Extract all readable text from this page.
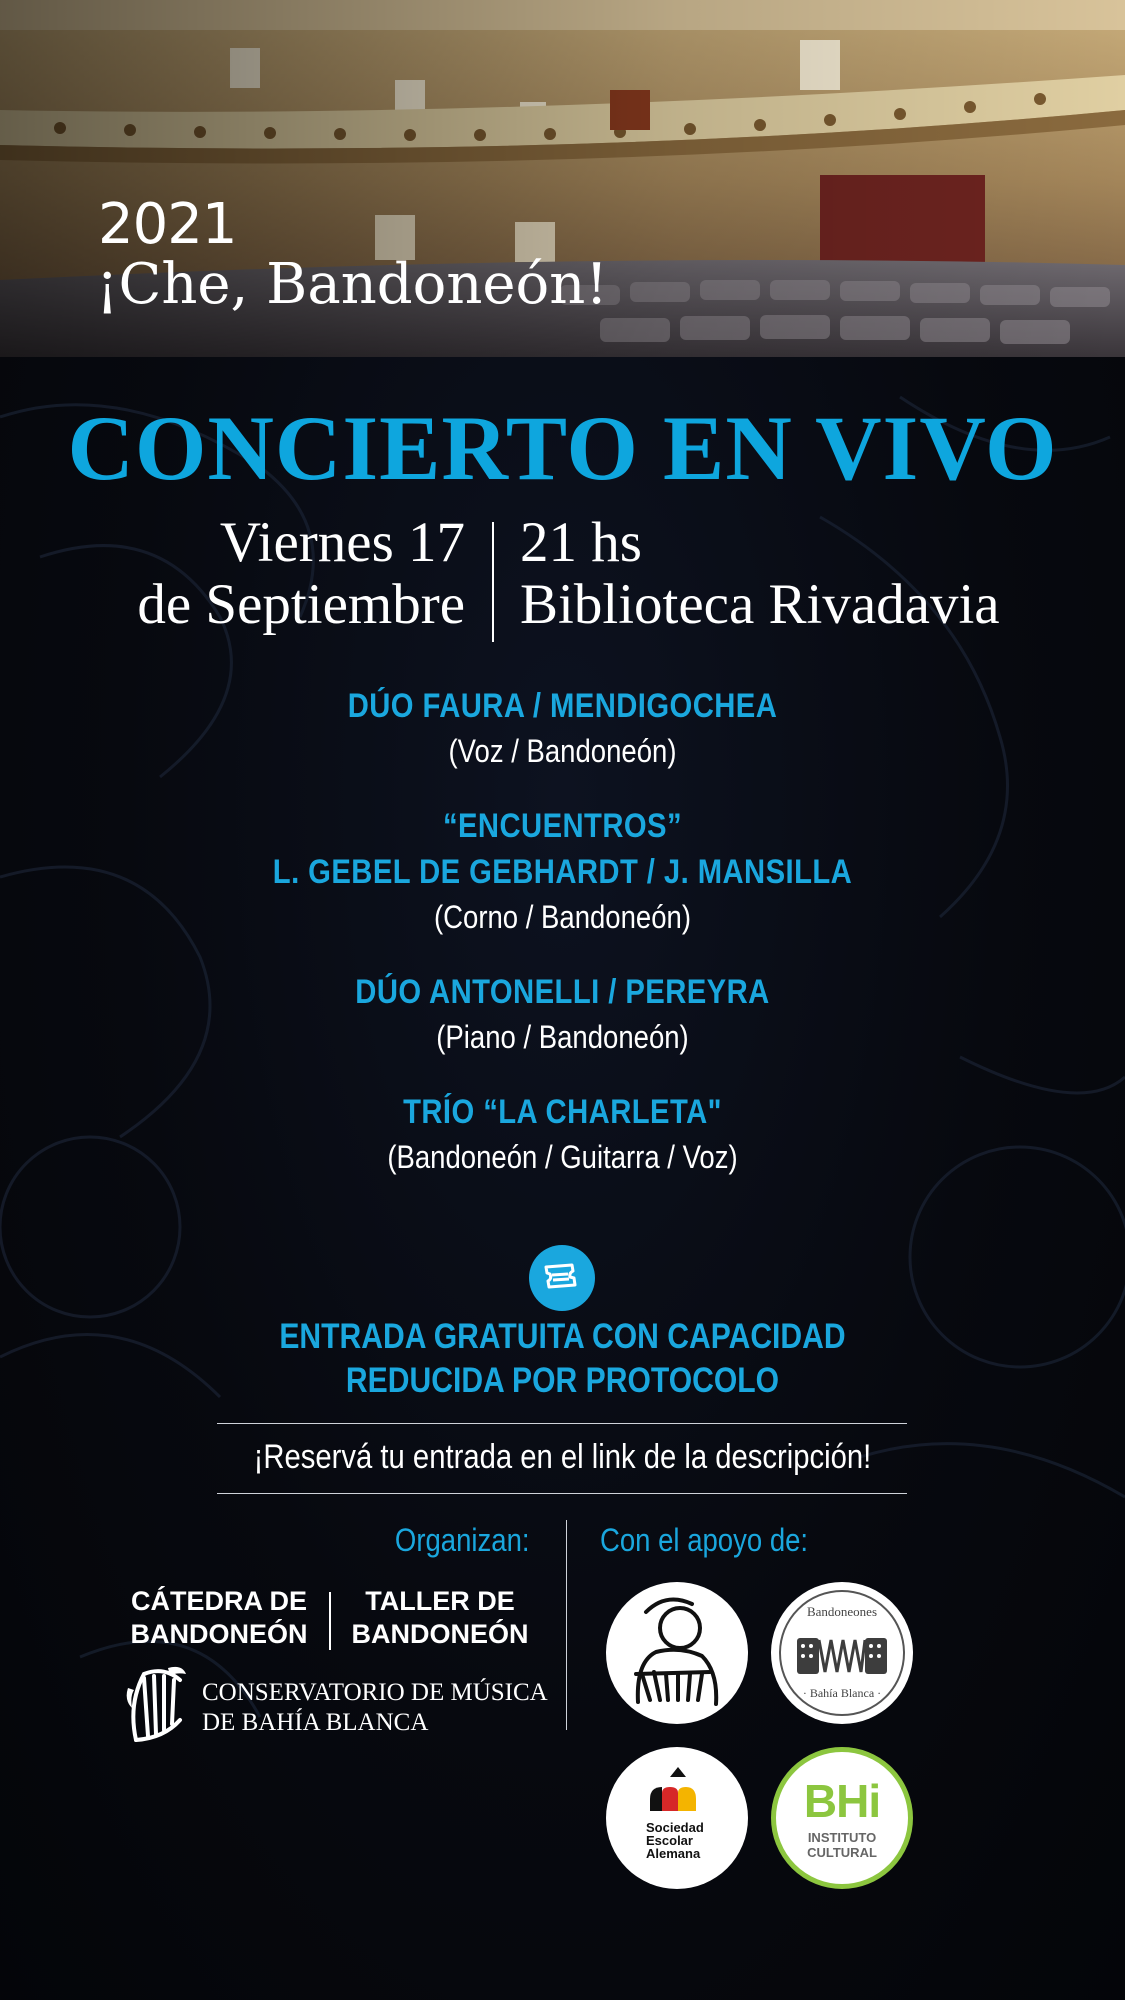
2021

¡Che, Bandoneón!

CONCIERTO EN VIVO
Viernes 17
de Septiembre
21 hs
Biblioteca Rivadavia

DÚO FAURA / MENDIGOCHEA

(Voz / Bandoneón)

“ENCUENTROS”

L. GEBEL DE GEBHARDT / J. MANSILLA

(Corno / Bandoneón)

DÚO ANTONELLI / PEREYRA

(Piano / Bandoneón)

TRÍO “LA CHARLETA"

(Bandoneón / Guitarra / Voz)

ENTRADA GRATUITA CON CAPACIDAD
REDUCIDA POR PROTOCOLO

¡Reservá tu entrada en el link de la descripción!

Organizan: Con el apoyo de:

CÁTEDRA DE
BANDONEÓN
TALLER DE
BANDONEÓN
CONSERVATORIO DE MÚSICA
DE BAHÍA BLANCA
Bandoneones
· Bahía Blanca ·
Sociedad
Escolar
Alemana
BHi
INSTITUTO
CULTURAL
